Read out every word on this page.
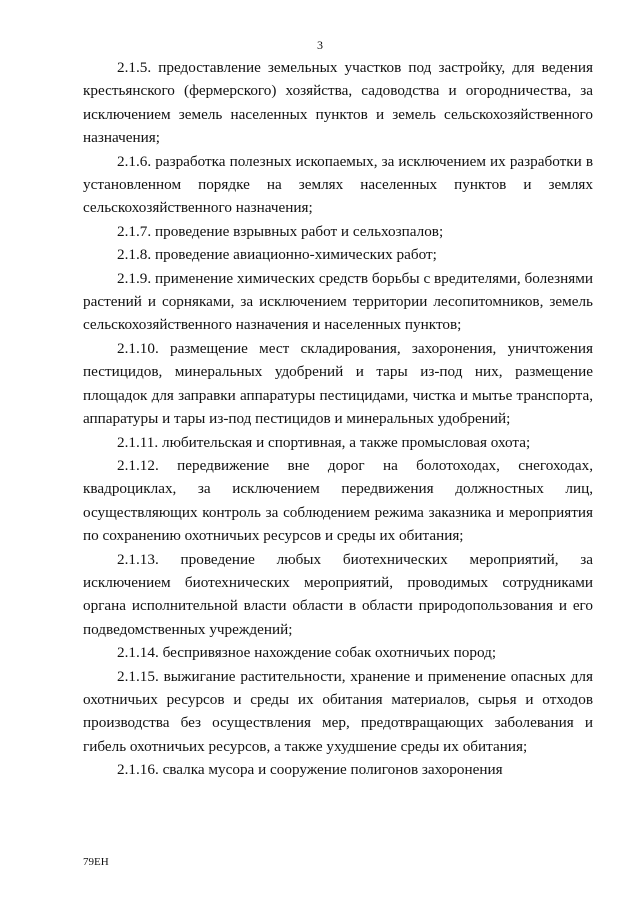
3

2.1.5. предоставление земельных участков под застройку, для ведения крестьянского (фермерского) хозяйства, садоводства и огородничества, за исключением земель населенных пунктов и земель сельскохозяйственного назначения;

2.1.6. разработка полезных ископаемых, за исключением их разработки в установленном порядке на землях населенных пунктов и землях сельскохозяйственного назначения;

2.1.7. проведение взрывных работ и сельхозпалов;

2.1.8. проведение авиационно-химических работ;

2.1.9. применение химических средств борьбы с вредителями, болезнями растений и сорняками, за исключением территории лесопитомников, земель сельскохозяйственного назначения и населенных пунктов;

2.1.10. размещение мест складирования, захоронения, уничтожения пестицидов, минеральных удобрений и тары из-под них, размещение площадок для заправки аппаратуры пестицидами, чистка и мытье транспорта, аппаратуры и тары из-под пестицидов и минеральных удобрений;

2.1.11. любительская и спортивная, а также промысловая охота;

2.1.12. передвижение вне дорог на болотоходах, снегоходах, квадроциклах, за исключением передвижения должностных лиц, осуществляющих контроль за соблюдением режима заказника и мероприятия по сохранению охотничьих ресурсов и среды их обитания;

2.1.13. проведение любых биотехнических мероприятий, за исключением биотехнических мероприятий, проводимых сотрудниками органа исполнительной власти области в области природопользования и его подведомственных учреждений;

2.1.14. беспривязное нахождение собак охотничьих пород;

2.1.15. выжигание растительности, хранение и применение опасных для охотничьих ресурсов и среды их обитания материалов, сырья и отходов производства без осуществления мер, предотвращающих заболевания и гибель охотничьих ресурсов, а также ухудшение среды их обитания;

2.1.16. свалка мусора и сооружение полигонов захоронения

79ЕН
